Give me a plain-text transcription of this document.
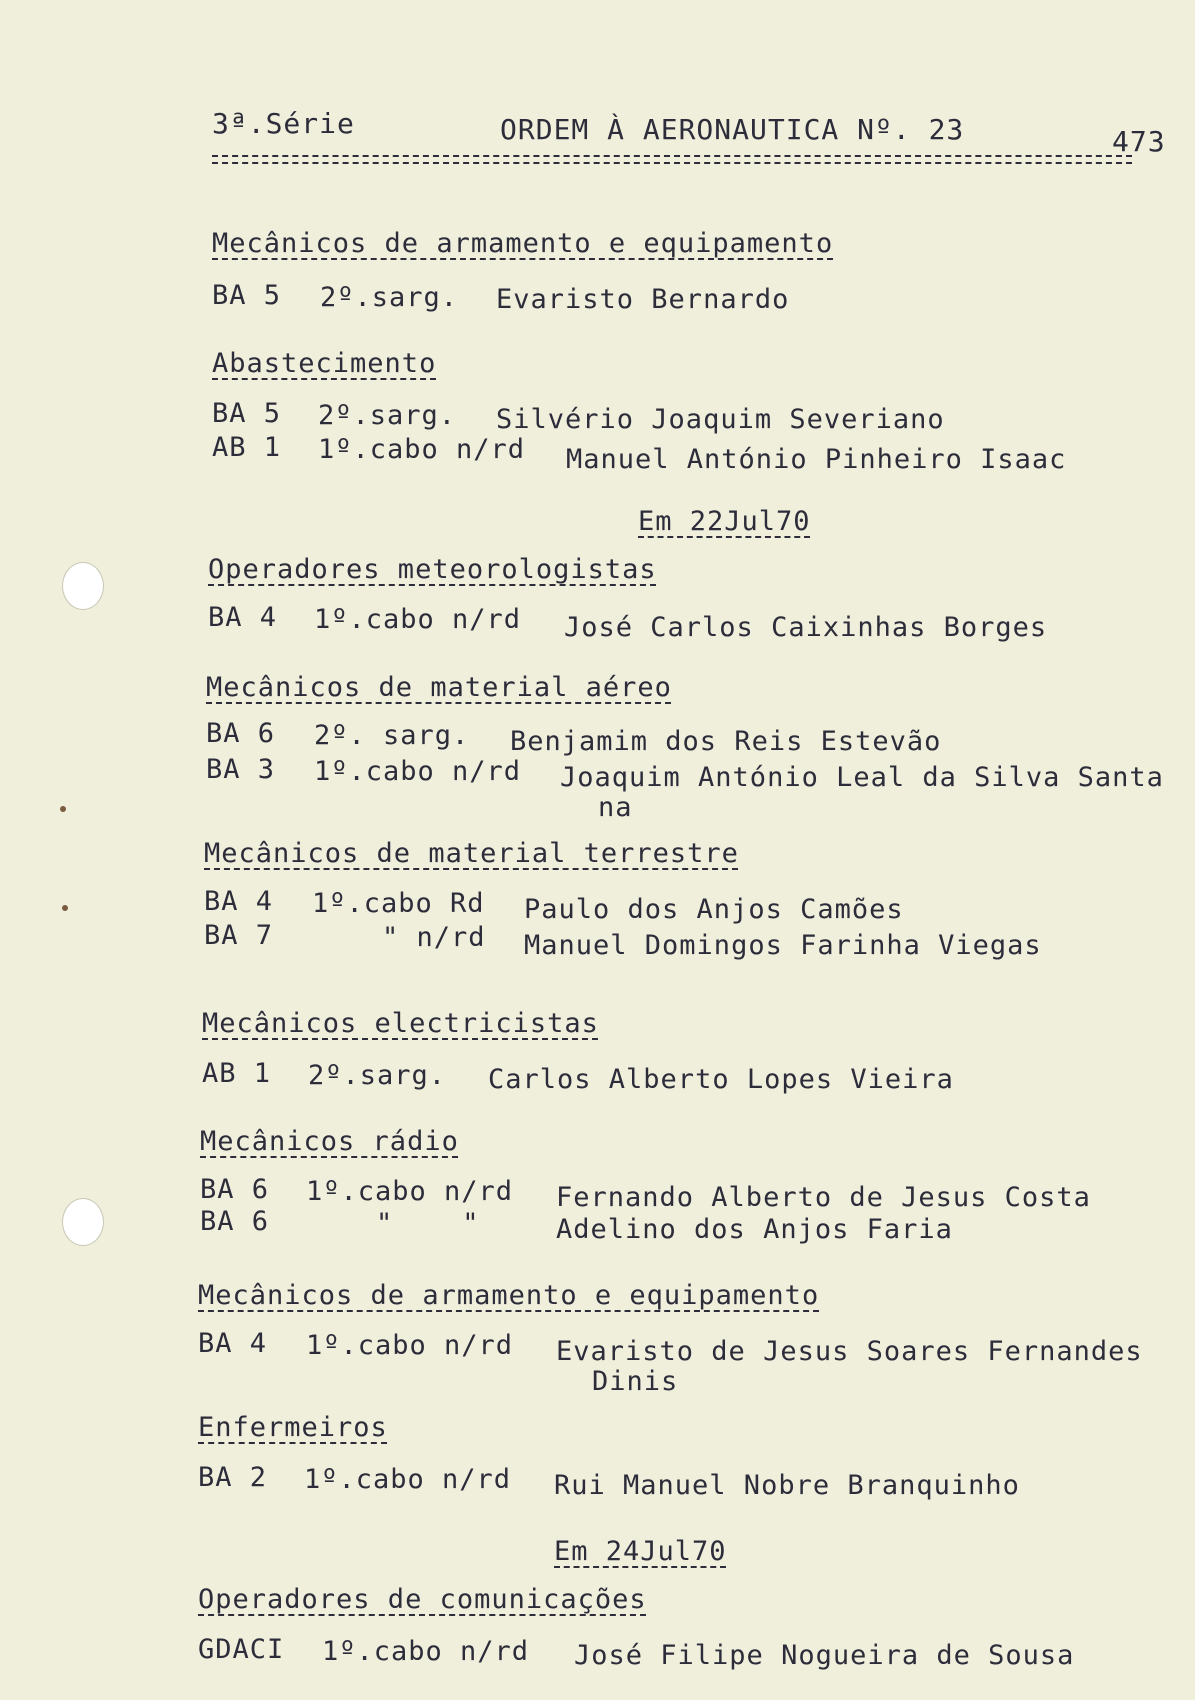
3ª.Série	ORDEM À AERONAUTICA Nº. 23	473
Mecânicos de armamento e equipamento
BA 5 2º.sarg. Evaristo Bernardo
Abastecimento
BA 5 2º.sarg. Silvério Joaquim Severiano
AB 1 1º.cabo n/rd Manuel António Pinheiro Isaac
Em 22Jul70
Operadores meteorologistas
BA 4 1º.cabo n/rd José Carlos Caixinhas Borges
Mecânicos de material aéreo
BA 6 2º. sarg. Benjamim dos Reis Estevão
BA 3 1º.cabo n/rd Joaquim António Leal da Silva Santa
na
Mecânicos de material terrestre
BA 4 1º.cabo Rd Paulo dos Anjos Camões
BA 7	" n/rd Manuel Domingos Farinha Viegas
Mecânicos electricistas
AB 1 2º.sarg. Carlos Alberto Lopes Vieira
Mecânicos rádio
BA 6 1º.cabo n/rd Fernando Alberto de Jesus Costa
BA 6	"    "	Adelino dos Anjos Faria
Mecânicos de armamento e equipamento
BA 4 1º.cabo n/rd Evaristo de Jesus Soares Fernandes
Dinis
Enfermeiros
BA 2 1º.cabo n/rd Rui Manuel Nobre Branquinho
Em 24Jul70
Operadores de comunicações
GDACI 1º.cabo n/rd José Filipe Nogueira de Sousa
